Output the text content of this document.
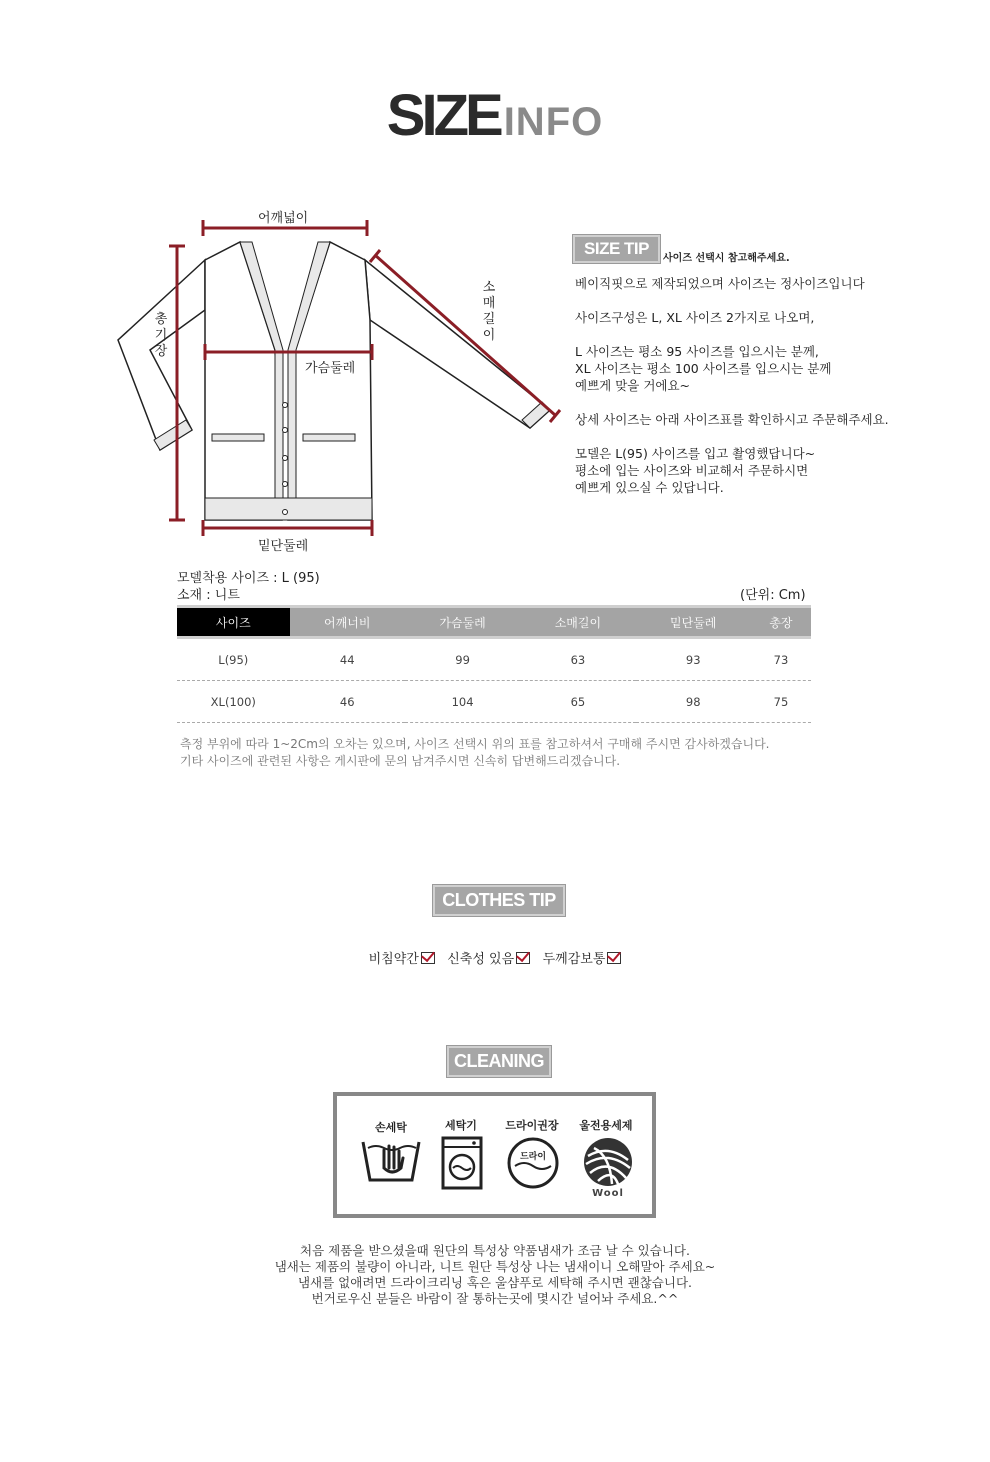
SIZE INFO
어깨넓이
가슴둘레
밑단둘레
총기장
소매길이
SIZE TIP
사이즈 선택시 참고해주세요.

베이직핏으로 제작되었으며 사이즈는 정사이즈입니다

사이즈구성은 L, XL 사이즈 2가지로 나오며,

L 사이즈는 평소 95 사이즈를 입으시는 분께,

XL 사이즈는 평소 100 사이즈를 입으시는 분께

예쁘게 맞을 거에요~

상세 사이즈는 아래 사이즈표를 확인하시고 주문해주세요.

모델은 L(95) 사이즈를 입고 촬영했답니다~

평소에 입는 사이즈와 비교해서 주문하시면

예쁘게 있으실 수 있답니다.

모델착용 사이즈 : L (95)
소재 : 니트	(단위: Cm)
사이즈	어깨너비	가슴둘레	소매길이	밑단둘레	총장
L(95)	44	99	63	93	73
XL(100)	46	104	65	98	75
측정 부위에 따라 1~2Cm의 오차는 있으며, 사이즈 선택시 위의 표를 참고하셔서 구매해 주시면 감사하겠습니다.
기타 사이즈에 관련된 사항은 게시판에 문의 남겨주시면 신속히 답변해드리겠습니다.
CLOTHES TIP
비침약간 신축성 있음 두께감보통
CLEANING
손세탁	세탁기	드라이권장	울전용세제
드라이
Wool
처음 제품을 받으셨을때 원단의 특성상 약품냄새가 조금 날 수 있습니다.
냄새는 제품의 불량이 아니라, 니트 원단 특성상 나는 냄새이니 오해말아 주세요~
냄새를 없애려면 드라이크리닝 혹은 울샴푸로 세탁해 주시면 괜찮습니다.
번거로우신 분들은 바람이 잘 통하는곳에 몇시간 널어놔 주세요.^^
